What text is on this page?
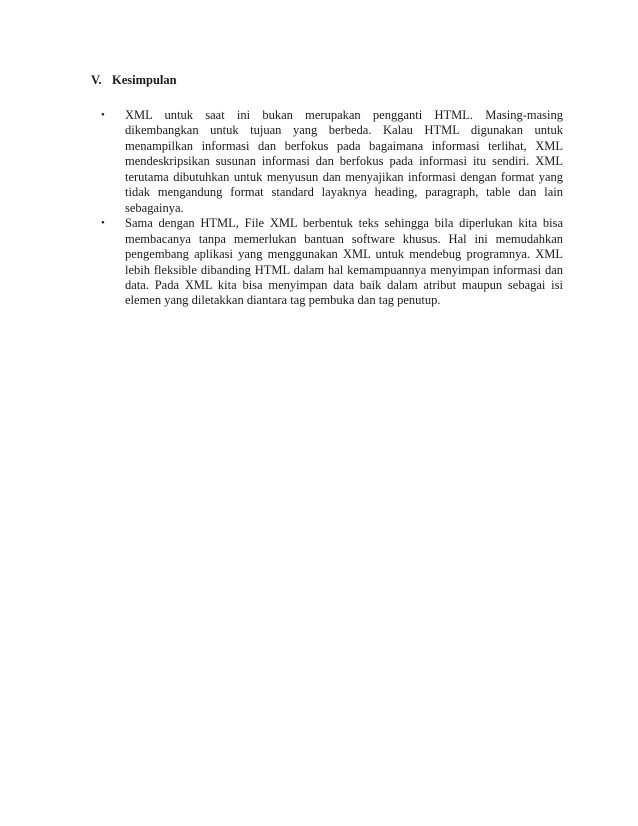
V. Kesimpulan
• XML untuk saat ini bukan merupakan pengganti HTML. Masing-masing dikembangkan untuk tujuan yang berbeda. Kalau HTML digunakan untuk menampilkan informasi dan berfokus pada bagaimana informasi terlihat, XML mendeskripsikan susunan informasi dan berfokus pada informasi itu sendiri. XML terutama dibutuhkan untuk menyusun dan menyajikan informasi dengan format yang tidak mengandung format standard layaknya heading, paragraph, table dan lain sebagainya.
• Sama dengan HTML, File XML berbentuk teks sehingga bila diperlukan kita bisa membacanya tanpa memerlukan bantuan software khusus. Hal ini memudahkan pengembang aplikasi yang menggunakan XML untuk mendebug programnya. XML lebih fleksible dibanding HTML dalam hal kemampuannya menyimpan informasi dan data. Pada XML kita bisa menyimpan data baik dalam atribut maupun sebagai isi elemen yang diletakkan diantara tag pembuka dan tag penutup.
